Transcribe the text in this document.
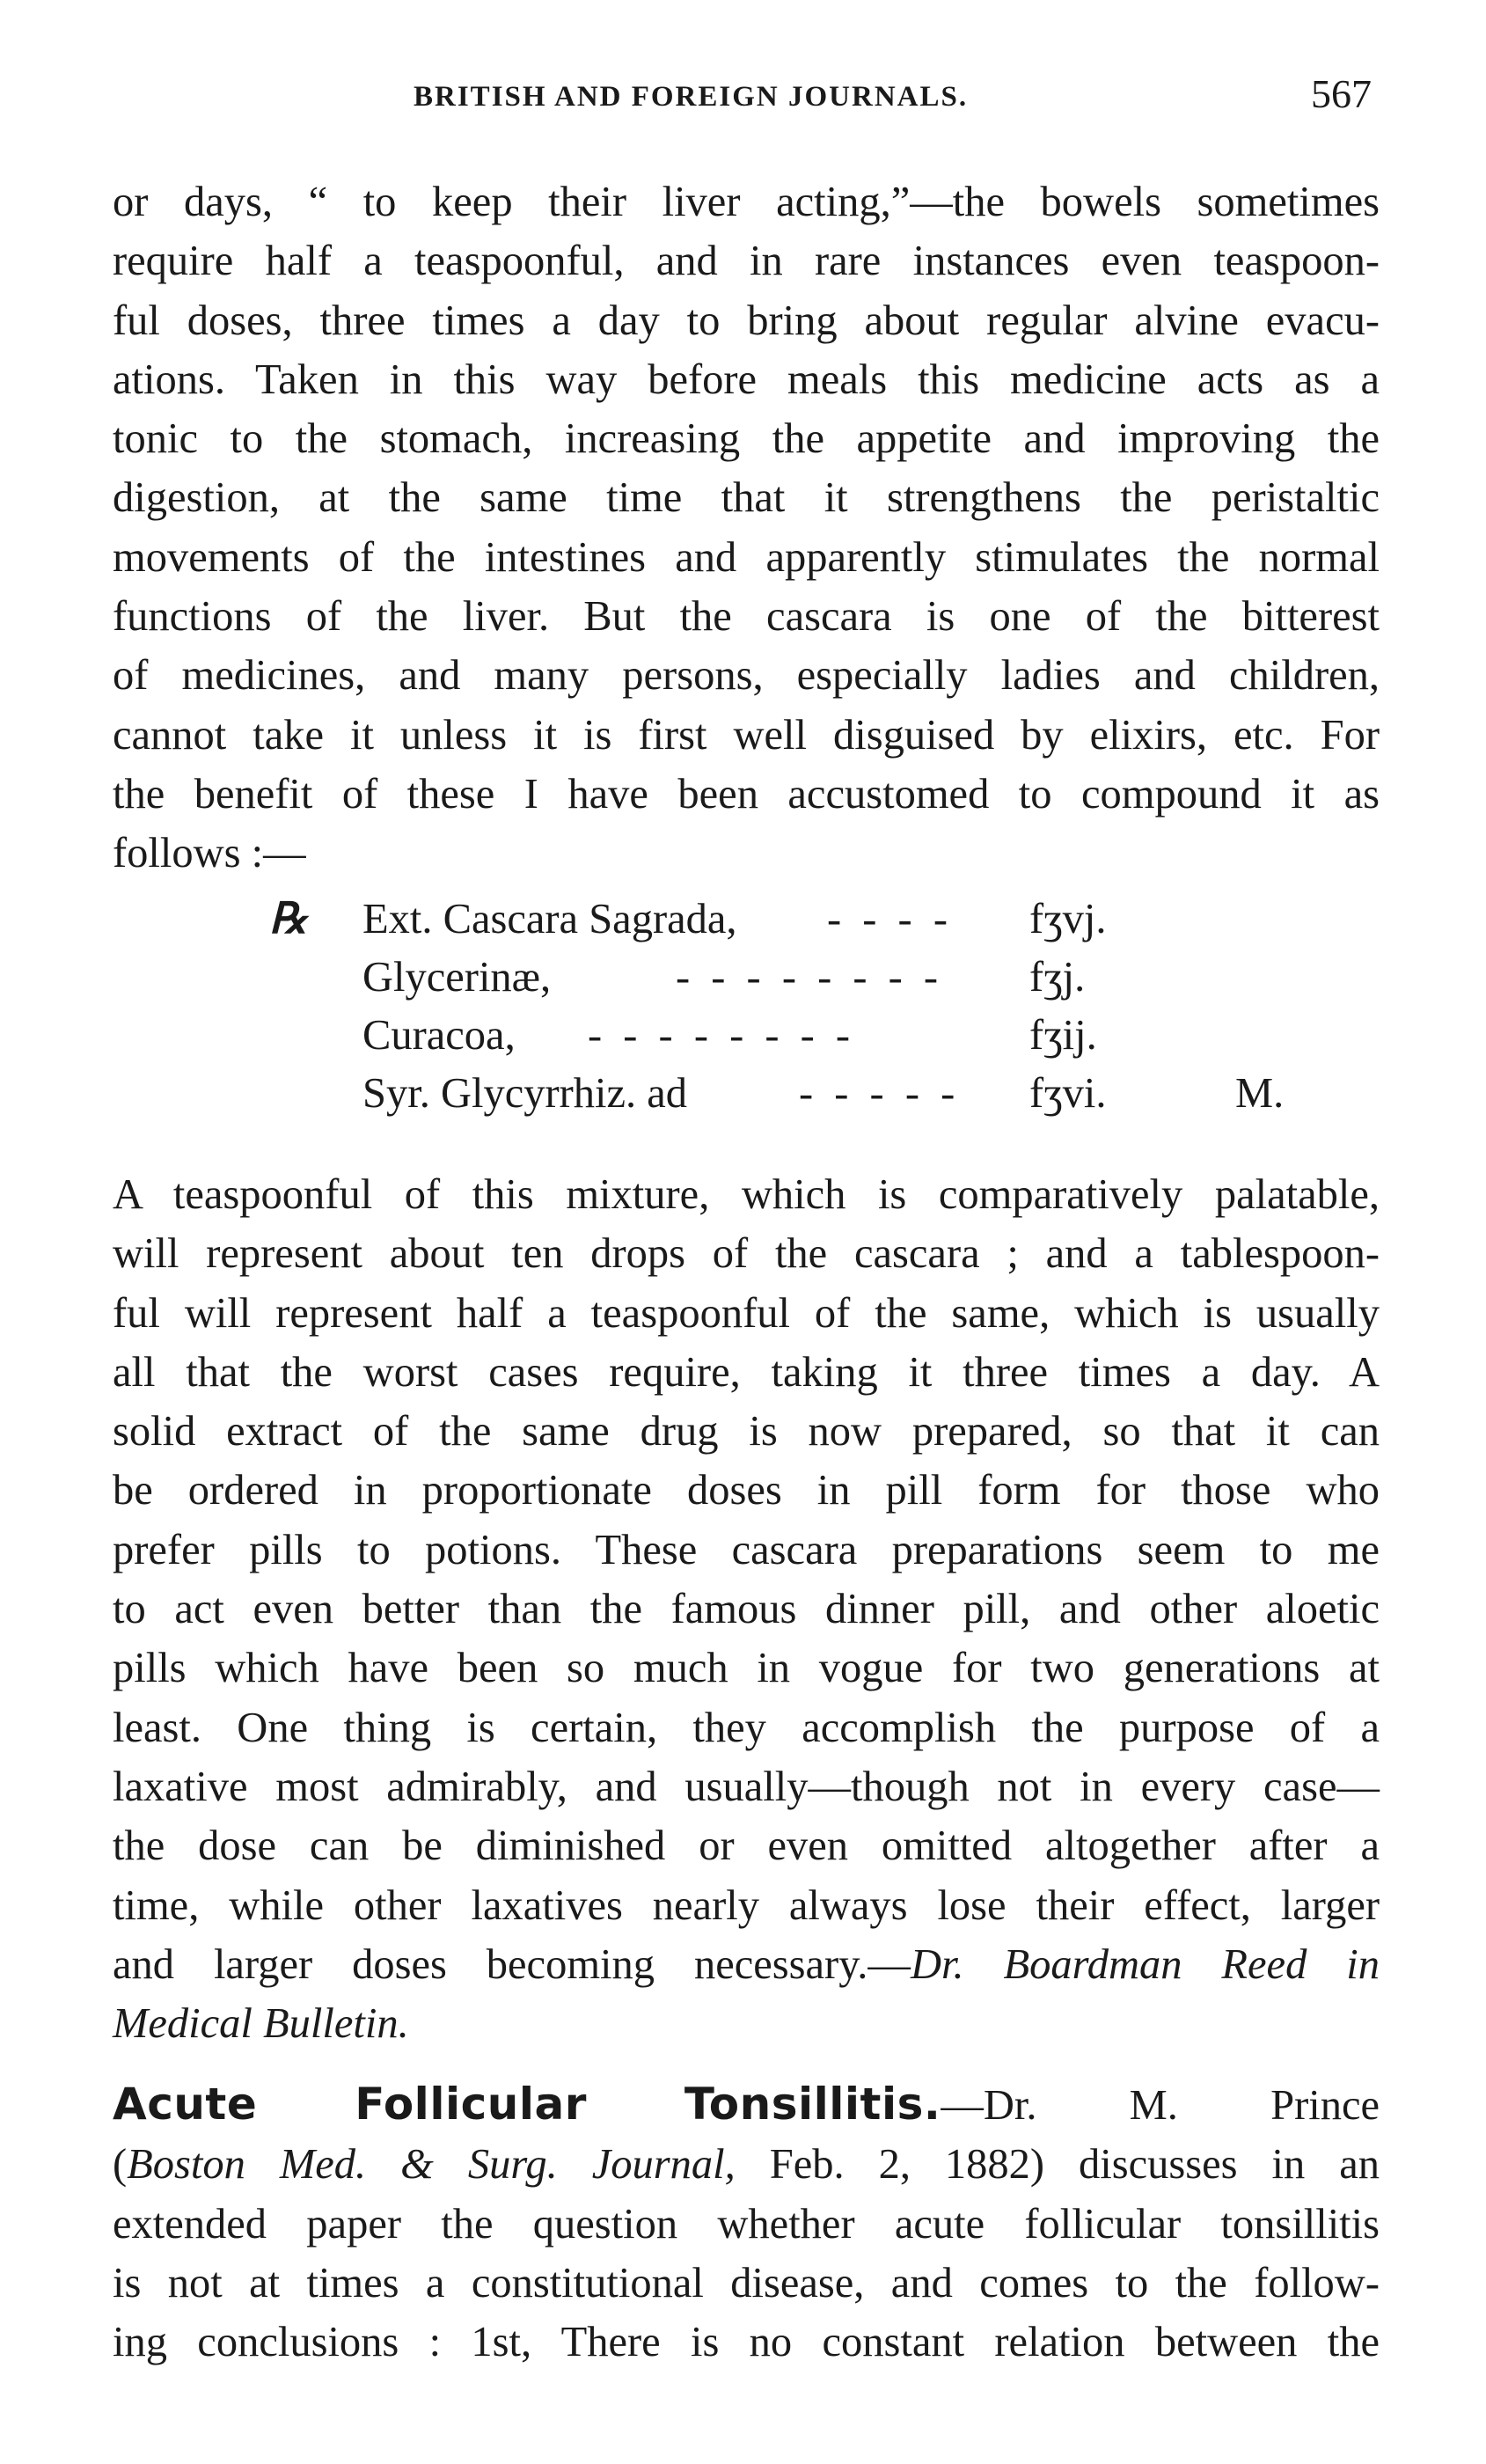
BRITISH AND FOREIGN JOURNALS.	567
or days, “ to keep their liver acting,”—the bowels sometimes
require half a teaspoonful, and in rare instances even teaspoon-
ful doses, three times a day to bring about regular alvine evacu-
ations. Taken in this way before meals this medicine acts as a
tonic to the stomach, increasing the appetite and improving the
digestion, at the same time that it strengthens the peristaltic
movements of the intestines and apparently stimulates the normal
functions of the liver. But the cascara is one of the bitterest
of medicines, and many persons, especially ladies and children,
cannot take it unless it is first well disguised by elixirs, etc. For
the benefit of these I have been accustomed to compound it as
follows :—
℞ Ext. Cascara Sagrada, - - - - fʒvj.
Glycerinæ,	- - - - - - - - fʒj.
Curacoa, - - - - - - - -	fʒij.
Syr. Glycyrrhiz. ad	- - - - - fʒvi.	M.
A teaspoonful of this mixture, which is comparatively palatable,
will represent about ten drops of the cascara ; and a tablespoon-
ful will represent half a teaspoonful of the same, which is usually
all that the worst cases require, taking it three times a day. A
solid extract of the same drug is now prepared, so that it can
be ordered in proportionate doses in pill form for those who
prefer pills to potions. These cascara preparations seem to me
to act even better than the famous dinner pill, and other aloetic
pills which have been so much in vogue for two generations at
least. One thing is certain, they accomplish the purpose of a
laxative most admirably, and usually—though not in every case—
the dose can be diminished or even omitted altogether after a
time, while other laxatives nearly always lose their effect, larger
and larger doses becoming necessary.—Dr. Boardman Reed in
Medical Bulletin.
Acute Follicular Tonsillitis.—Dr. M. Prince
(Boston Med. & Surg. Journal, Feb. 2, 1882) discusses in an
extended paper the question whether acute follicular tonsillitis
is not at times a constitutional disease, and comes to the follow-
ing conclusions : 1st, There is no constant relation between the
